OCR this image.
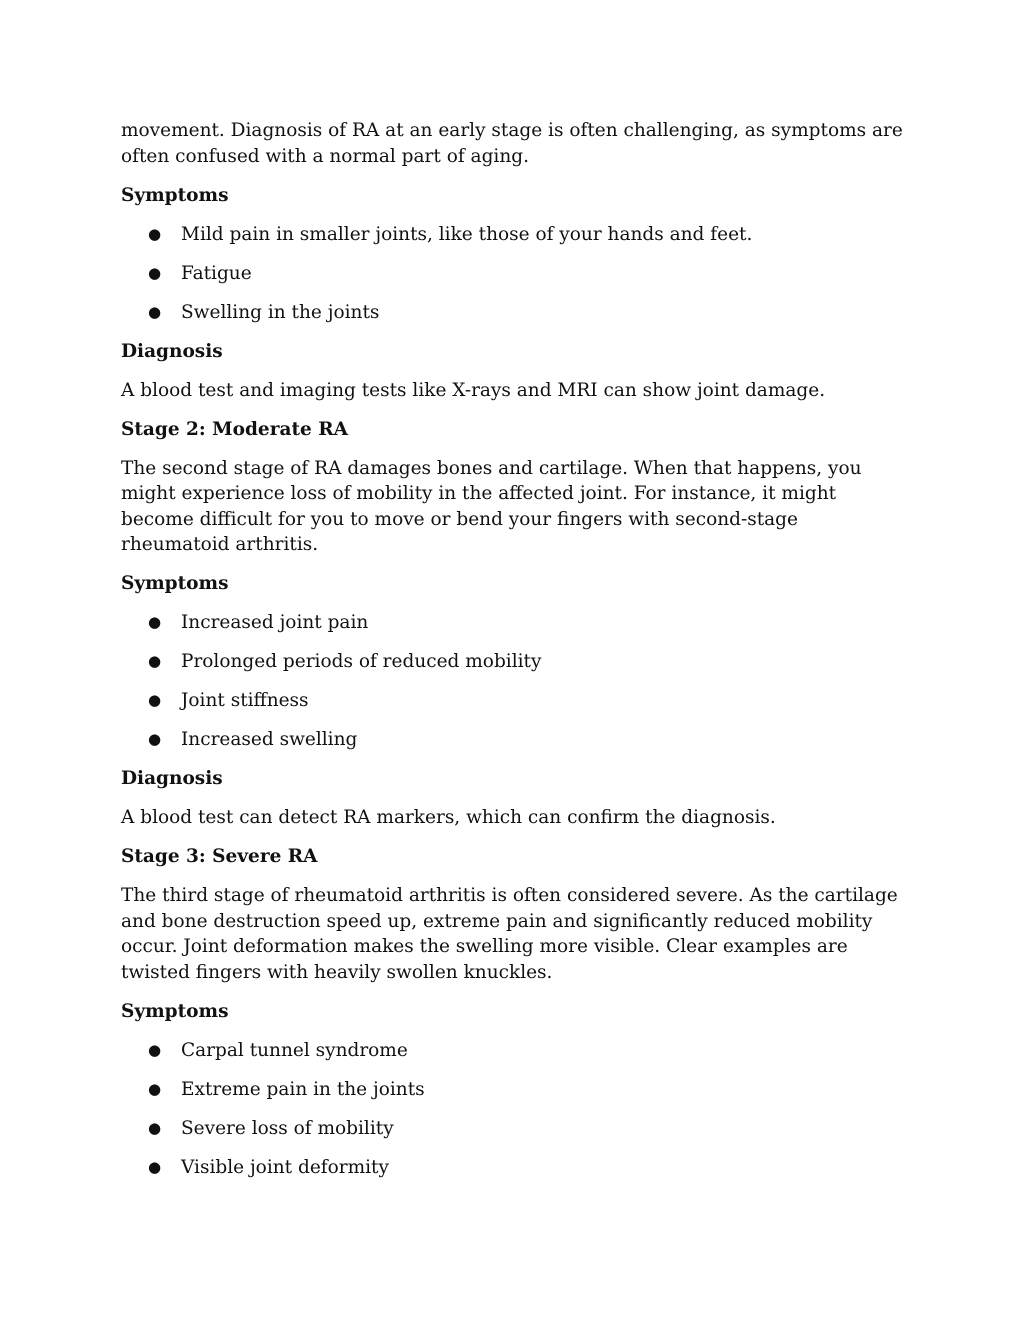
movement. Diagnosis of RA at an early stage is often challenging, as symptoms are often confused with a normal part of aging.

Symptoms

● Mild pain in smaller joints, like those of your hands and feet.
● Fatigue
● Swelling in the joints

Diagnosis

A blood test and imaging tests like X-rays and MRI can show joint damage.

Stage 2: Moderate RA

The second stage of RA damages bones and cartilage. When that happens, you might experience loss of mobility in the affected joint. For instance, it might become difficult for you to move or bend your fingers with second-stage rheumatoid arthritis.

Symptoms

● Increased joint pain
● Prolonged periods of reduced mobility
● Joint stiffness
● Increased swelling

Diagnosis

A blood test can detect RA markers, which can confirm the diagnosis.

Stage 3: Severe RA

The third stage of rheumatoid arthritis is often considered severe. As the cartilage and bone destruction speed up, extreme pain and significantly reduced mobility occur. Joint deformation makes the swelling more visible. Clear examples are twisted fingers with heavily swollen knuckles.

Symptoms

● Carpal tunnel syndrome
● Extreme pain in the joints
● Severe loss of mobility
● Visible joint deformity
